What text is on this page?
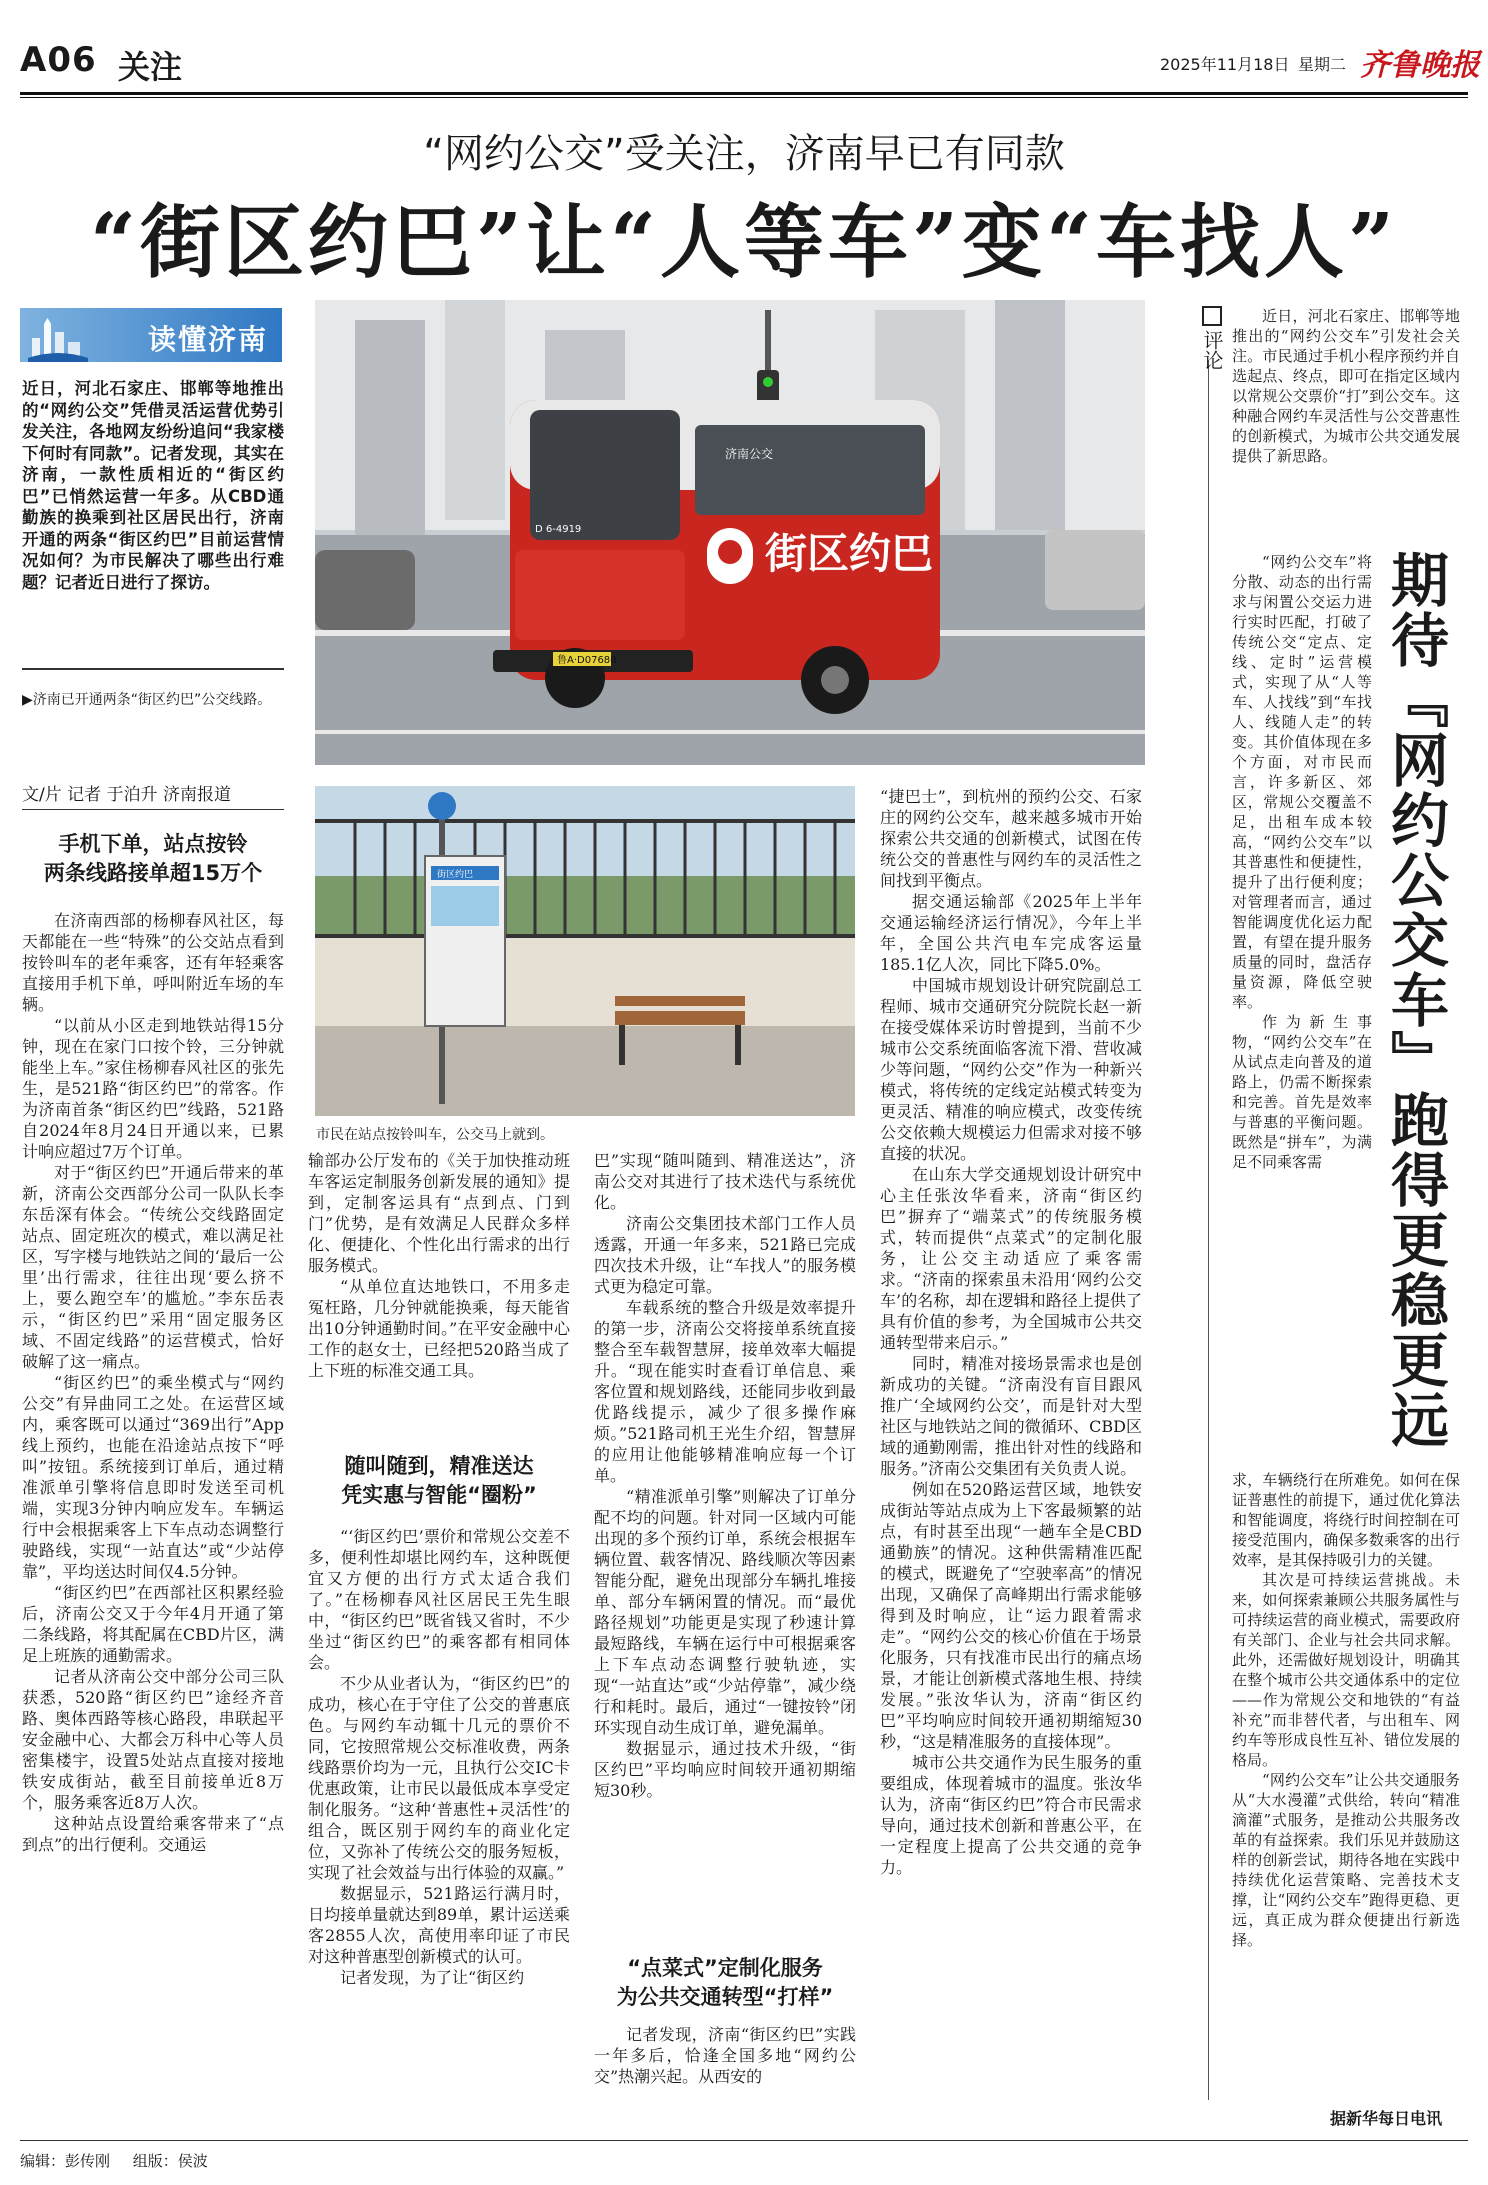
A06 关注	2025年11月18日 星期二 齐鲁晚报
“网约公交”受关注，济南早已有同款
“街区约巴”让“人等车”变“车找人”
读懂济南
近日，河北石家庄、邯郸等地推出的“网约公交”凭借灵活运营优势引发关注，各地网友纷纷追问“我家楼下何时有同款”。记者发现，其实在济南，一款性质相近的“街区约巴”已悄然运营一年多。从CBD通勤族的换乘到社区居民出行，济南开通的两条“街区约巴”目前运营情况如何？为市民解决了哪些出行难题？记者近日进行了探访。
▶济南已开通两条“街区约巴”公交线路。
文/片 记者 于泊升 济南报道
街区约巴
济南公交
鲁A·D07680
D 6-4919
街区约巴
市民在站点按铃叫车，公交马上就到。
手机下单，站点按铃
两条线路接单超15万个

在济南西部的杨柳春风社区，每天都能在一些“特殊”的公交站点看到按铃叫车的老年乘客，还有年轻乘客直接用手机下单，呼叫附近车场的车辆。

“以前从小区走到地铁站得15分钟，现在在家门口按个铃，三分钟就能坐上车。”家住杨柳春风社区的张先生，是521路“街区约巴”的常客。作为济南首条“街区约巴”线路，521路自2024年8月24日开通以来，已累计响应超过7万个订单。

对于“街区约巴”开通后带来的革新，济南公交西部分公司一队队长李东岳深有体会。“传统公交线路固定站点、固定班次的模式，难以满足社区，写字楼与地铁站之间的‘最后一公里’出行需求，往往出现‘要么挤不上，要么跑空车’的尴尬。”李东岳表示，“街区约巴”采用“固定服务区域、不固定线路”的运营模式，恰好破解了这一痛点。

“街区约巴”的乘坐模式与“网约公交”有异曲同工之处。在运营区域内，乘客既可以通过“369出行”App线上预约，也能在沿途站点按下“呼叫”按钮。系统接到订单后，通过精准派单引擎将信息即时发送至司机端，实现3分钟内响应发车。车辆运行中会根据乘客上下车点动态调整行驶路线，实现“一站直达”或“少站停靠”，平均送达时间仅4.5分钟。

“街区约巴”在西部社区积累经验后，济南公交又于今年4月开通了第二条线路，将其配属在CBD片区，满足上班族的通勤需求。

记者从济南公交中部分公司三队获悉，520路“街区约巴”途经齐音路、奥体西路等核心路段，串联起平安金融中心、大都会万科中心等人员密集楼宇，设置5处站点直接对接地铁安成街站，截至目前接单近8万个，服务乘客近8万人次。

这种站点设置给乘客带来了“点到点”的出行便利。交通运

输部办公厅发布的《关于加快推动班车客运定制服务创新发展的通知》提到，定制客运具有“点到点、门到门”优势，是有效满足人民群众多样化、便捷化、个性化出行需求的出行服务模式。

“从单位直达地铁口，不用多走冤枉路，几分钟就能换乘，每天能省出10分钟通勤时间。”在平安金融中心工作的赵女士，已经把520路当成了上下班的标准交通工具。

随叫随到，精准送达
凭实惠与智能“圈粉”

“‘街区约巴’票价和常规公交差不多，便利性却堪比网约车，这种既便宜又方便的出行方式太适合我们了。”在杨柳春风社区居民王先生眼中，“街区约巴”既省钱又省时，不少坐过“街区约巴”的乘客都有相同体会。

不少从业者认为，“街区约巴”的成功，核心在于守住了公交的普惠底色。与网约车动辄十几元的票价不同，它按照常规公交标准收费，两条线路票价均为一元，且执行公交IC卡优惠政策，让市民以最低成本享受定制化服务。“这种‘普惠性+灵活性’的组合，既区别于网约车的商业化定位，又弥补了传统公交的服务短板，实现了社会效益与出行体验的双赢。”

数据显示，521路运行满月时，日均接单量就达到89单，累计运送乘客2855人次，高使用率印证了市民对这种普惠型创新模式的认可。

记者发现，为了让“街区约

巴”实现“随叫随到、精准送达”，济南公交对其进行了技术迭代与系统优化。

济南公交集团技术部门工作人员透露，开通一年多来，521路已完成四次技术升级，让“车找人”的服务模式更为稳定可靠。

车载系统的整合升级是效率提升的第一步，济南公交将接单系统直接整合至车载智慧屏，接单效率大幅提升。“现在能实时查看订单信息、乘客位置和规划路线，还能同步收到最优路线提示，减少了很多操作麻烦。”521路司机王光生介绍，智慧屏的应用让他能够精准响应每一个订单。

“精准派单引擎”则解决了订单分配不均的问题。针对同一区域内可能出现的多个预约订单，系统会根据车辆位置、载客情况、路线顺次等因素智能分配，避免出现部分车辆扎堆接单、部分车辆闲置的情况。而“最优路径规划”功能更是实现了秒速计算最短路线，车辆在运行中可根据乘客上下车点动态调整行驶轨迹，实现“一站直达”或“少站停靠”，减少绕行和耗时。最后，通过“一键按铃”闭环实现自动生成订单，避免漏单。

数据显示，通过技术升级，“街区约巴”平均响应时间较开通初期缩短30秒。

“点菜式”定制化服务
为公共交通转型“打样”

记者发现，济南“街区约巴”实践一年多后，恰逢全国多地“网约公交”热潮兴起。从西安的

“捷巴士”，到杭州的预约公交、石家庄的网约公交车，越来越多城市开始探索公共交通的创新模式，试图在传统公交的普惠性与网约车的灵活性之间找到平衡点。

据交通运输部《2025年上半年交通运输经济运行情况》，今年上半年，全国公共汽电车完成客运量185.1亿人次，同比下降5.0%。

中国城市规划设计研究院副总工程师、城市交通研究分院院长赵一新在接受媒体采访时曾提到，当前不少城市公交系统面临客流下滑、营收减少等问题，“网约公交”作为一种新兴模式，将传统的定线定站模式转变为更灵活、精准的响应模式，改变传统公交依赖大规模运力但需求对接不够直接的状况。

在山东大学交通规划设计研究中心主任张汝华看来，济南“街区约巴”摒弃了“端菜式”的传统服务模式，转而提供“点菜式”的定制化服务，让公交主动适应了乘客需求。“济南的探索虽未沿用‘网约公交车’的名称，却在逻辑和路径上提供了具有价值的参考，为全国城市公共交通转型带来启示。”

同时，精准对接场景需求也是创新成功的关键。“济南没有盲目跟风推广‘全域网约公交’，而是针对大型社区与地铁站之间的微循环、CBD区域的通勤刚需，推出针对性的线路和服务。”济南公交集团有关负责人说。

例如在520路运营区域，地铁安成街站等站点成为上下客最频繁的站点，有时甚至出现“一趟车全是CBD通勤族”的情况。这种供需精准匹配的模式，既避免了“空驶率高”的情况出现，又确保了高峰期出行需求能够得到及时响应，让“运力跟着需求走”。“网约公交的核心价值在于场景化服务，只有找准市民出行的痛点场景，才能让创新模式落地生根、持续发展。”张汝华认为，济南“街区约巴”平均响应时间较开通初期缩短30秒，“这是精准服务的直接体现”。

城市公共交通作为民生服务的重要组成，体现着城市的温度。张汝华认为，济南“街区约巴”符合市民需求导向，通过技术创新和普惠公平，在一定程度上提高了公共交通的竞争力。

评论

近日，河北石家庄、邯郸等地推出的“网约公交车”引发社会关注。市民通过手机小程序预约并自选起点、终点，即可在指定区域内以常规公交票价“打”到公交车。这种融合网约车灵活性与公交普惠性的创新模式，为城市公共交通发展提供了新思路。

“网约公交车”将分散、动态的出行需求与闲置公交运力进行实时匹配，打破了传统公交“定点、定线、定时”运营模式，实现了从“人等车、人找线”到“车找人、线随人走”的转变。其价值体现在多个方面，对市民而言，许多新区、郊区，常规公交覆盖不足，出租车成本较高，“网约公交车”以其普惠性和便捷性，提升了出行便利度；对管理者而言，通过智能调度优化运力配置，有望在提升服务质量的同时，盘活存量资源，降低空驶率。

作为新生事物，“网约公交车”在从试点走向普及的道路上，仍需不断探索和完善。首先是效率与普惠的平衡问题。既然是“拼车”，为满足不同乘客需	期待『网约公交车』跑得更稳更远

求，车辆绕行在所难免。如何在保证普惠性的前提下，通过优化算法和智能调度，将绕行时间控制在可接受范围内，确保多数乘客的出行效率，是其保持吸引力的关键。

其次是可持续运营挑战。未来，如何探索兼顾公共服务属性与可持续运营的商业模式，需要政府有关部门、企业与社会共同求解。此外，还需做好规划设计，明确其在整个城市公共交通体系中的定位——作为常规公交和地铁的“有益补充”而非替代者，与出租车、网约车等形成良性互补、错位发展的格局。

“网约公交车”让公共交通服务从“大水漫灌”式供给，转向“精准滴灌”式服务，是推动公共服务改革的有益探索。我们乐见并鼓励这样的创新尝试，期待各地在实践中持续优化运营策略、完善技术支撑，让“网约公交车”跑得更稳、更远，真正成为群众便捷出行新选择。

据新华每日电讯
编辑：彭传刚 组版：侯波
